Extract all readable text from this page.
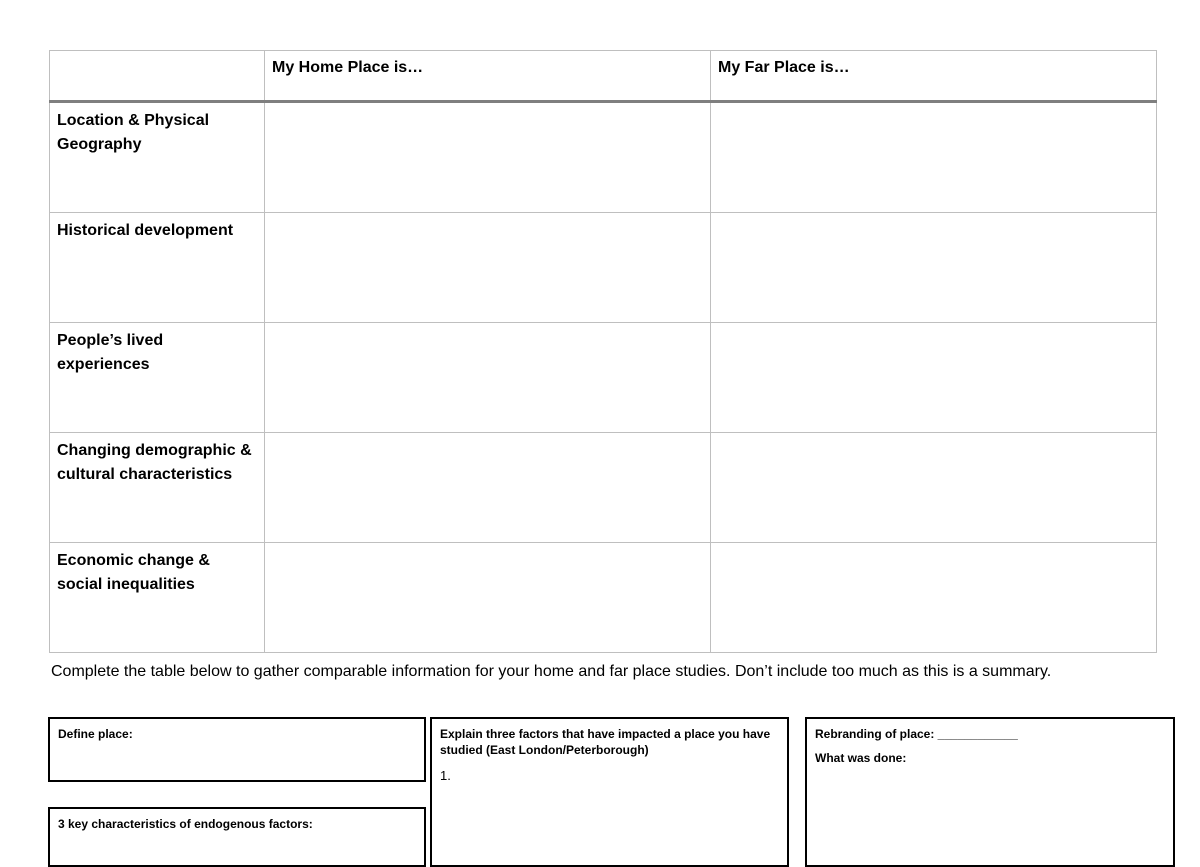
	My Home Place is…	My Far Place is…
Location & Physical Geography		
Historical development		
People’s lived experiences		
Changing demographic & cultural characteristics		
Economic change & social inequalities		
Complete the table below to gather comparable information for your home and far place studies. Don’t include too much as this is a summary.
Define place:
3 key characteristics of endogenous factors:
Explain three factors that have impacted a place you have studied (East London/Peterborough)
1.
Rebranding of place: ____________
What was done:
